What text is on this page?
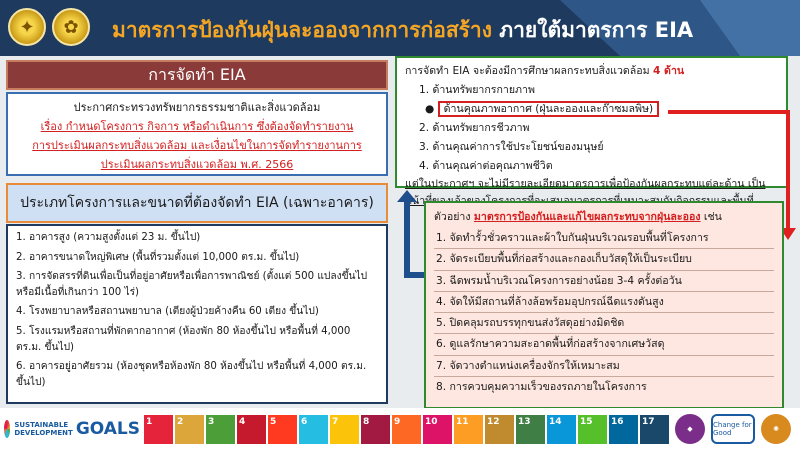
✦	✿	มาตรการป้องกันฝุ่นละอองจากการก่อสร้าง ภายใต้มาตรการ EIA
การจัดทำ EIA
ประกาศกระทรวงทรัพยากรธรรมชาติและสิ่งแวดล้อม
เรื่อง กำหนดโครงการ กิจการ หรือดำเนินการ ซึ่งต้องจัดทำรายงาน
การประเมินผลกระทบสิ่งแวดล้อม และเงื่อนไขในการจัดทำรายงานการ
ประเมินผลกระทบสิ่งแวดล้อม พ.ศ. 2566
ประเภทโครงการและขนาดที่ต้องจัดทำ EIA (เฉพาะอาคาร)
1. อาคารสูง (ความสูงตั้งแต่ 23 ม. ขึ้นไป)
2. อาคารขนาดใหญ่พิเศษ (พื้นที่รวมตั้งแต่ 10,000 ตร.ม. ขึ้นไป)
3. การจัดสรรที่ดินเพื่อเป็นที่อยู่อาศัยหรือเพื่อการพาณิชย์ (ตั้งแต่ 500 แปลงขึ้นไป หรือมีเนื้อที่เกินกว่า 100 ไร่)
4. โรงพยาบาลหรือสถานพยาบาล (เตียงผู้ป่วยค้างคืน 60 เตียง ขึ้นไป)
5. โรงแรมหรือสถานที่พักตากอากาศ (ห้องพัก 80 ห้องขึ้นไป หรือพื้นที่ 4,000 ตร.ม. ขึ้นไป)
6. อาคารอยู่อาศัยรวม (ห้องชุดหรือห้องพัก 80 ห้องขึ้นไป หรือพื้นที่ 4,000 ตร.ม. ขึ้นไป)
การจัดทำ EIA จะต้องมีการศึกษาผลกระทบสิ่งแวดล้อม 4 ด้าน
1. ด้านทรัพยากรกายภาพ
● ด้านคุณภาพอากาศ (ฝุ่นละอองและก๊าซมลพิษ)
2. ด้านทรัพยากรชีวภาพ
3. ด้านคุณค่าการใช้ประโยชน์ของมนุษย์
4. ด้านคุณค่าต่อคุณภาพชีวิต
แต่ในประกาศฯ จะไม่มีรายละเอียดมาตรการเพื่อป้องกันผลกระทบแต่ละด้าน เป็น
ตัวอย่าง มาตรการป้องกันและแก้ไขผลกระทบจากฝุ่นละออง เช่น
1. จัดทำรั้วชั่วคราวและผ้าใบกันฝุ่นบริเวณรอบพื้นที่โครงการ
2. จัดระเบียบพื้นที่ก่อสร้างและกองเก็บวัสดุให้เป็นระเบียบ
3. ฉีดพรมน้ำบริเวณโครงการอย่างน้อย 3-4 ครั้งต่อวัน
4. จัดให้มีสถานที่ล้างล้อพร้อมอุปกรณ์ฉีดแรงดันสูง
5. ปิดคลุมรถบรรทุกขนส่งวัสดุอย่างมิดชิด
6. ดูแลรักษาความสะอาดพื้นที่ก่อสร้างจากเศษวัสดุ
7. จัดวางตำแหน่งเครื่องจักรให้เหมาะสม
8. การควบคุมความเร็วของรถภายในโครงการ
SUSTAINABLE
DEVELOPMENT GOALS 1	2	3	4	5	6	7	8	9	10	11	12	13	14	15	16	17
◆	Change for Good	✺
